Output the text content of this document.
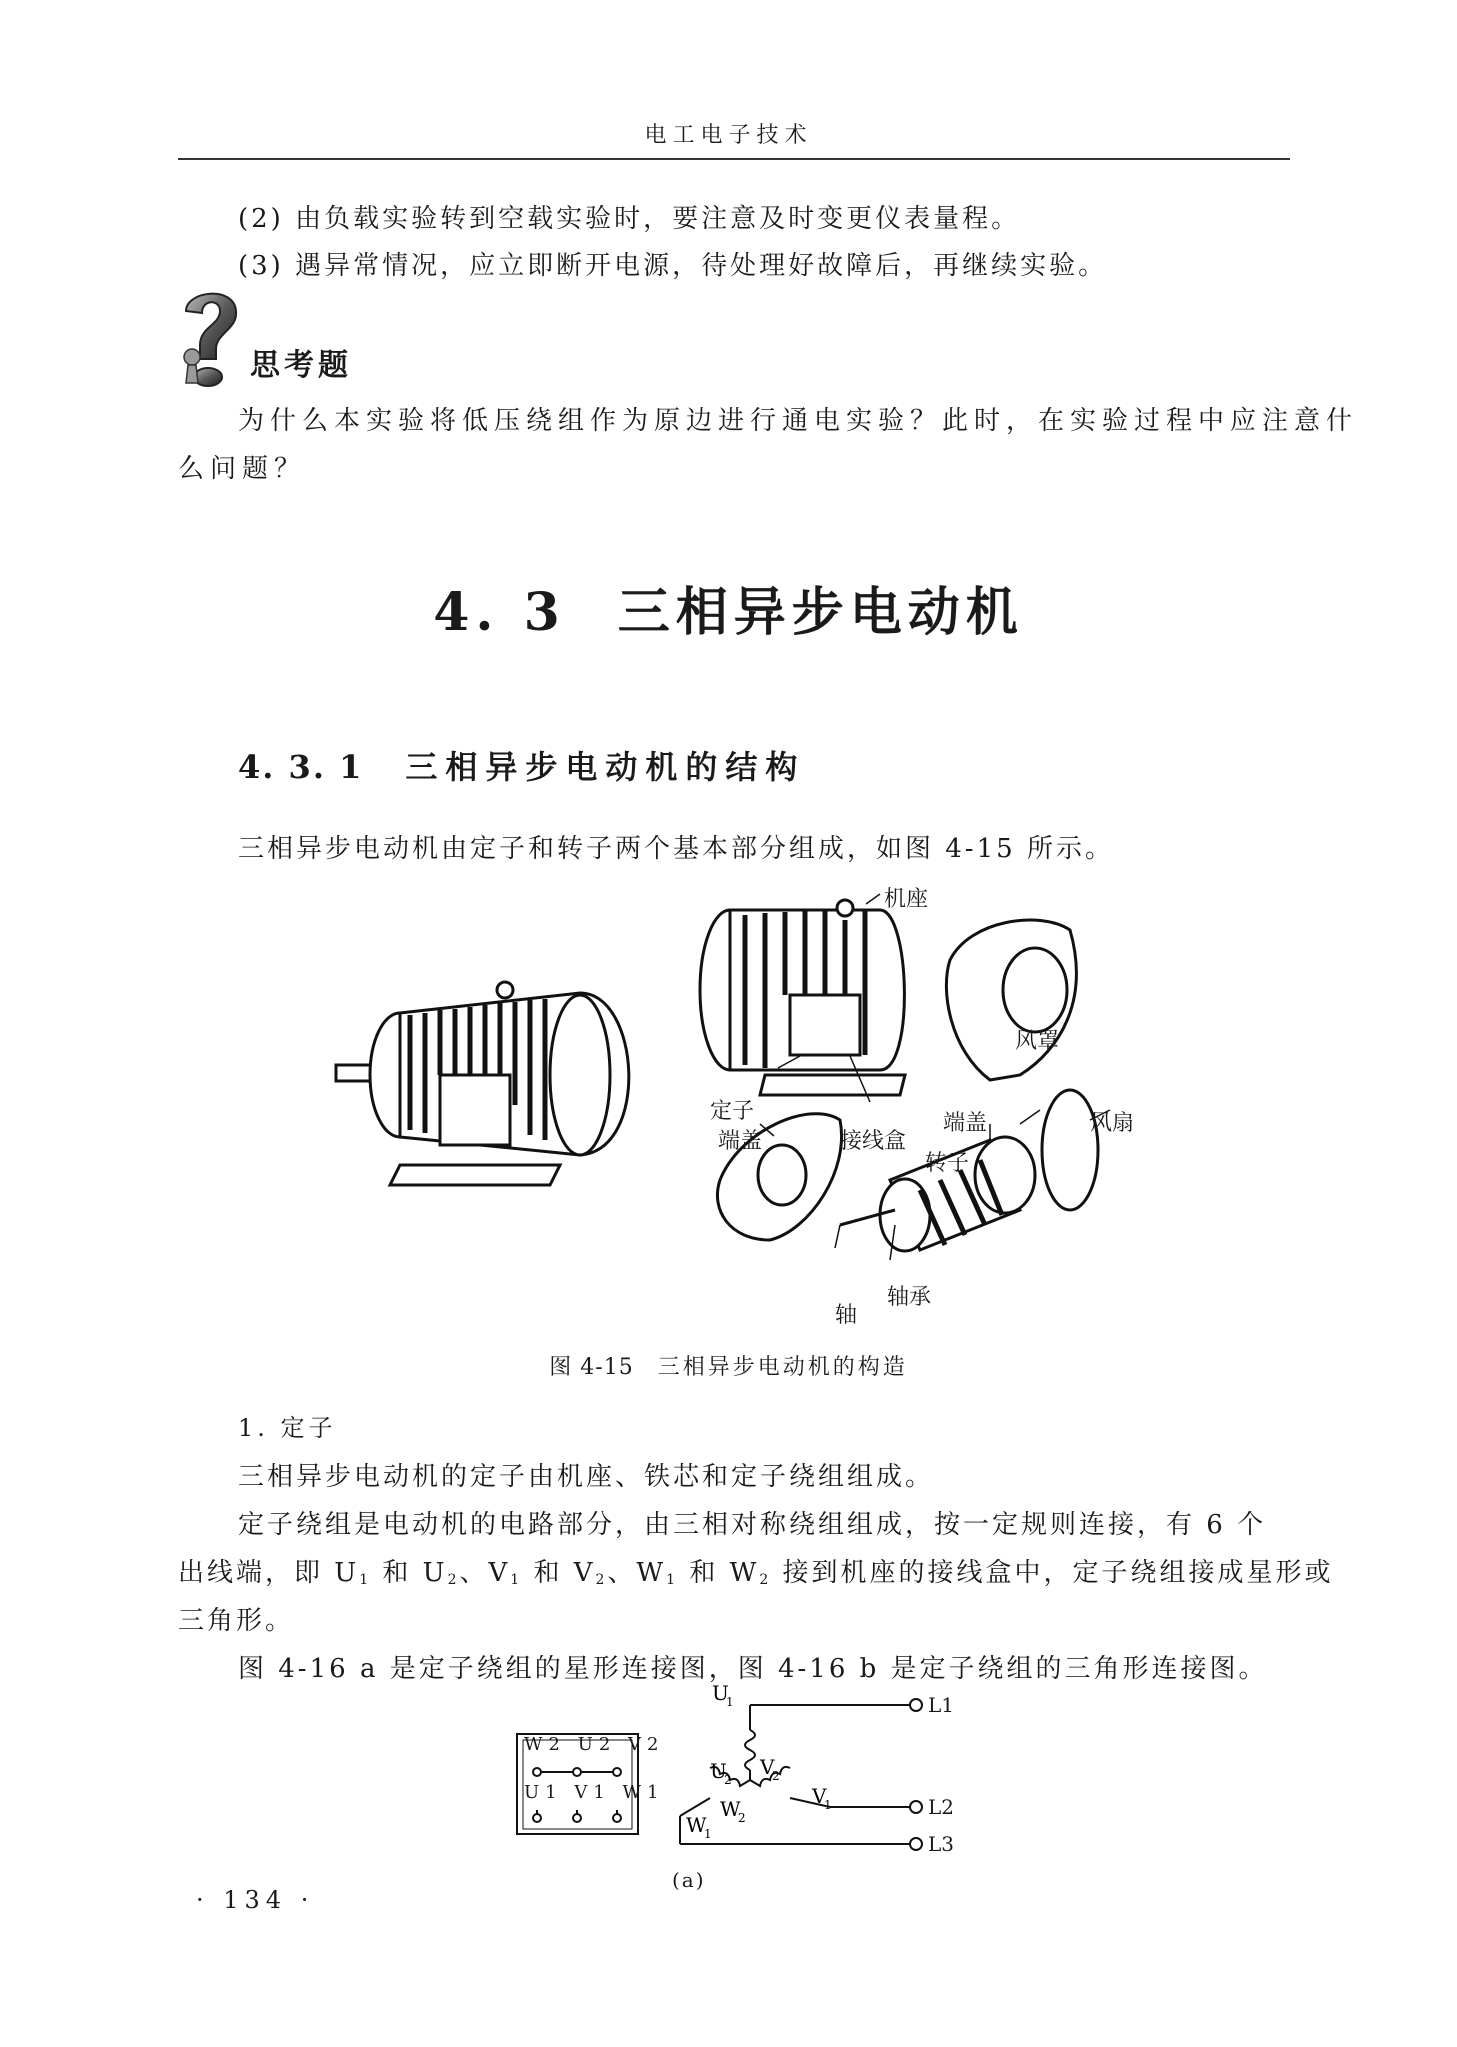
电工电子技术
(2) 由负载实验转到空载实验时，要注意及时变更仪表量程。
(3) 遇异常情况，应立即断开电源，待处理好故障后，再继续实验。
思考题
为什么本实验将低压绕组作为原边进行通电实验？此时，在实验过程中应注意什
么问题？
4. 3 三相异步电动机
4. 3. 1 三相异步电动机的结构
三相异步电动机由定子和转子两个基本部分组成，如图 4-15 所示。
机座
风罩
定子
端盖	接线盒
端盖	风扇
转子
轴承
轴
图 4-15 三相异步电动机的构造
1. 定子
三相异步电动机的定子由机座、铁芯和定子绕组组成。
定子绕组是电动机的电路部分，由三相对称绕组组成，按一定规则连接，有 6 个
出线端，即 $U_1$ 和 $U_2$、$V_1$ 和 $V_2$、$W_1$ 和 $W_2$ 接到机座的接线盒中，定子绕组接成星形或
三角形。
图 4-16 a 是定子绕组的星形连接图，图 4-16 b 是定子绕组的三角形连接图。
W2 U2 V2
U1 V1 W1
U
1
U
2
V
2
V
1
W
2
W
1
L1
L2
L3
(a)
· 134 ·
